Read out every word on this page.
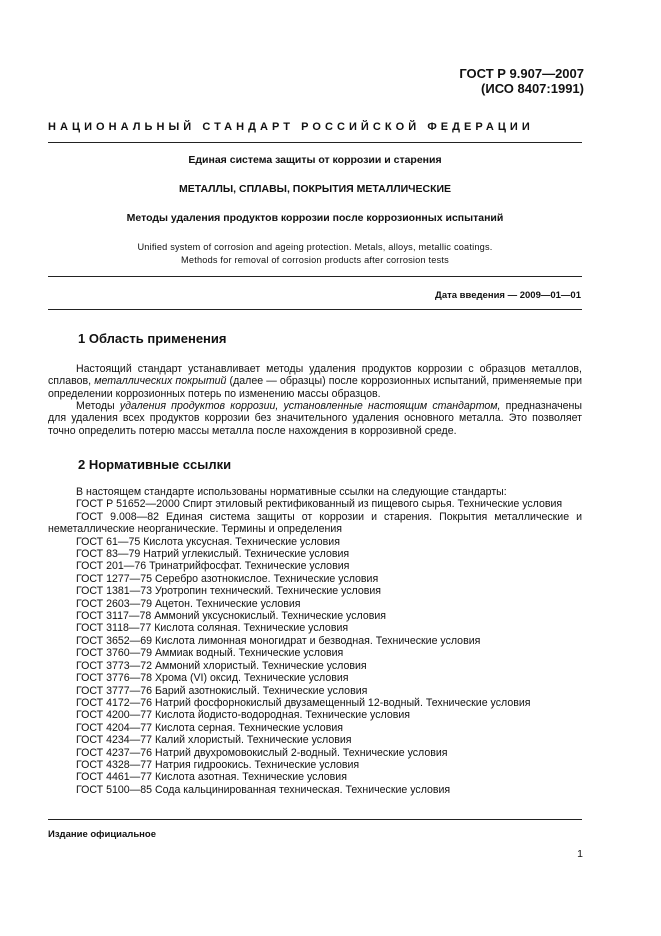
ГОСТ Р 9.907—2007
(ИСО 8407:1991)
НАЦИОНАЛЬНЫЙ СТАНДАРТ РОССИЙСКОЙ ФЕДЕРАЦИИ
Единая система защиты от коррозии и старения
МЕТАЛЛЫ, СПЛАВЫ, ПОКРЫТИЯ МЕТАЛЛИЧЕСКИЕ
Методы удаления продуктов коррозии после коррозионных испытаний
Unified system of corrosion and ageing protection. Metals, alloys, metallic coatings.
Methods for removal of corrosion products after corrosion tests
Дата введения — 2009—01—01
1 Область применения

Настоящий стандарт устанавливает методы удаления продуктов коррозии с образцов металлов, сплавов, металлических покрытий (далее — образцы) после коррозионных испытаний, применяемые при определении коррозионных потерь по изменению массы образцов.

Методы удаления продуктов коррозии, установленные настоящим стандартом, предназначены для удаления всех продуктов коррозии без значительного удаления основного металла. Это позволяет точно определить потерю массы металла после нахождения в коррозивной среде.

2 Нормативные ссылки
В настоящем стандарте использованы нормативные ссылки на следующие стандарты:
ГОСТ Р 51652—2000 Спирт этиловый ректификованный из пищевого сырья. Технические условия
ГОСТ 9.008—82 Единая система защиты от коррозии и старения. Покрытия металлические и неметаллические неорганические. Термины и определения
ГОСТ 61—75 Кислота уксусная. Технические условия
ГОСТ 83—79 Натрий углекислый. Технические условия
ГОСТ 201—76 Тринатрийфосфат. Технические условия
ГОСТ 1277—75 Серебро азотнокислое. Технические условия
ГОСТ 1381—73 Уротропин технический. Технические условия
ГОСТ 2603—79 Ацетон. Технические условия
ГОСТ 3117—78 Аммоний уксуснокислый. Технические условия
ГОСТ 3118—77 Кислота соляная. Технические условия
ГОСТ 3652—69 Кислота лимонная моногидрат и безводная. Технические условия
ГОСТ 3760—79 Аммиак водный. Технические условия
ГОСТ 3773—72 Аммоний хлористый. Технические условия
ГОСТ 3776—78 Хрома (VI) оксид. Технические условия
ГОСТ 3777—76 Барий азотнокислый. Технические условия
ГОСТ 4172—76 Натрий фосфорнокислый двузамещенный 12-водный. Технические условия
ГОСТ 4200—77 Кислота йодисто-водородная. Технические условия
ГОСТ 4204—77 Кислота серная. Технические условия
ГОСТ 4234—77 Калий хлористый. Технические условия
ГОСТ 4237—76 Натрий двухромовокислый 2-водный. Технические условия
ГОСТ 4328—77 Натрия гидроокись. Технические условия
ГОСТ 4461—77 Кислота азотная. Технические условия
ГОСТ 5100—85 Сода кальцинированная техническая. Технические условия
Издание официальное
1
